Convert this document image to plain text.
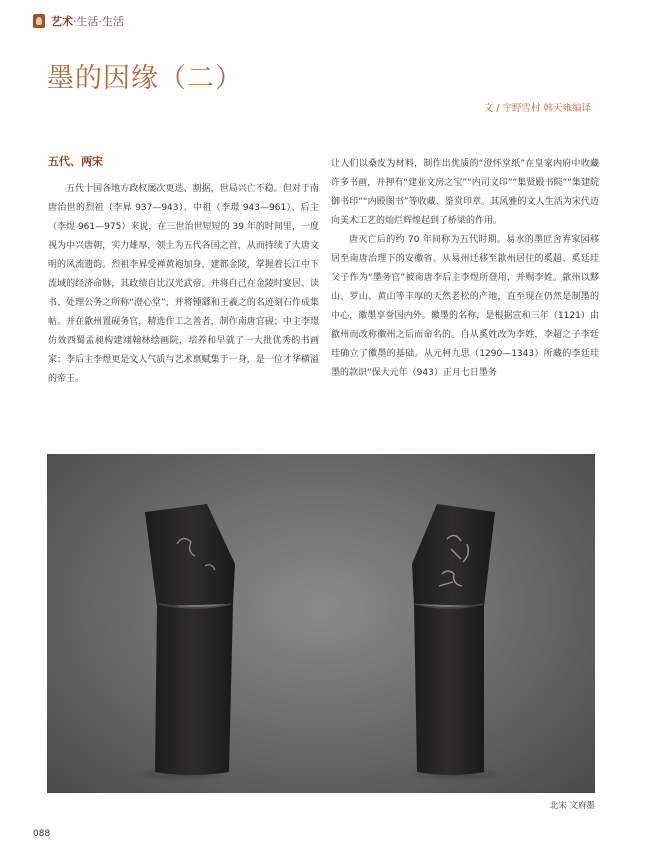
艺术·生活·生活
墨的因缘（二）
文 / 宇野雪村 韩天雍编译
五代、两宋

五代十国各地方政权屡次更迭、割据，世局兴亡不稳。但对于南唐治世的烈祖（李昪 937—943）、中祖（李璟 943—961）、后主（李煜 961—975）来说，在三世治世短短的 39 年的时间里，一度视为中兴唐朝，实力雄厚，领土为五代各国之首，从而持续了大唐文明的风流遗韵。烈祖李昪受禅黄袍加身，建都金陵，掌握着长江中下流域的经济命脉，其政绩自比汉光武帝。并将自己在金陵时宴居、读书、处理公务之所称“澄心堂”，并将锺繇和王羲之的名迹刻石作成集帖。并在歙州置砚务官，精选作工之善者，制作南唐官砚；中主李璟仿效西蜀孟昶构建翊翰林绘画院，培养和早就了一大批优秀的书画家；李后主李煜更是文人气质与艺术禀赋集于一身，是一位才华横溢的帝王。

让人们以桑皮为材料，制作出优质的“澄怀堂纸”在皇家内府中收藏许多书画，并押有“建业文房之宝”“内司文印”“集贤殿书院”“集建院御书印”“内殿图书”等收藏、鉴赏印章。其风雅的文人生活为宋代迈向美术工艺的灿烂辉煌起到了桥梁的作用。

唐灭亡后的约 70 年间称为五代时期。易水的墨匠舍弃家园移居至南唐治理下的安徽省。从易州迁移至歙州居住的奚超、奚廷珪父子作为“墨务官”被南唐李后主李煜所登用，并赐李姓。歙州以黟山、罗山、黄山等丰厚的天然老松的产地，直至现在仍然是制墨的中心，徽墨享誉国内外。徽墨的名称，是根据宣和三年（1121）由歙州而改称徽州之后而命名的。自从奚姓改为李姓，李超之子李廷珪确立了徽墨的基础。从元柯九思（1290—1343）所藏的李廷珪墨的款识“保大元年（943）正月七日墨务

北宋 文府墨
088
